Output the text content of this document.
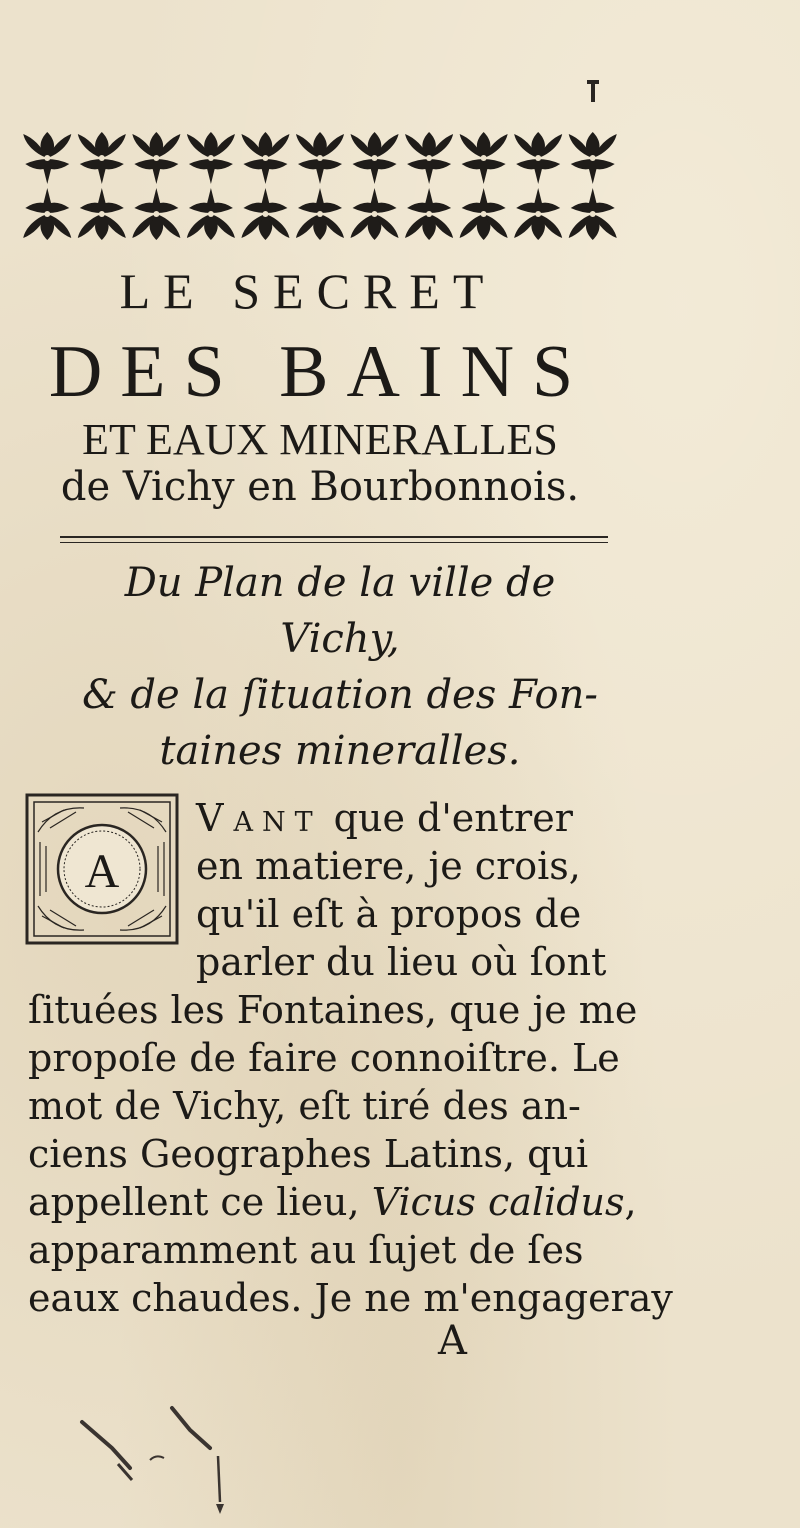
LE SECRET
DES BAINS
ET EAUX MINERALLES
de Vichy en Bourbonnois.
Du Plan de la ville de Vichy,
& de la ſituation des Fon-
taines mineralles.
A
VANT que d'entrer
en matiere, je crois,
qu'il eſt à propos de
parler du lieu où ſont
ſituées les Fontaines, que je me
propoſe de faire connoiſtre. Le
mot de Vichy, eſt tiré des an-
ciens Geographes Latins, qui
appellent ce lieu, Vicus calidus,
apparamment au ſujet de ſes
eaux chaudes. Je ne m'engageray
A
